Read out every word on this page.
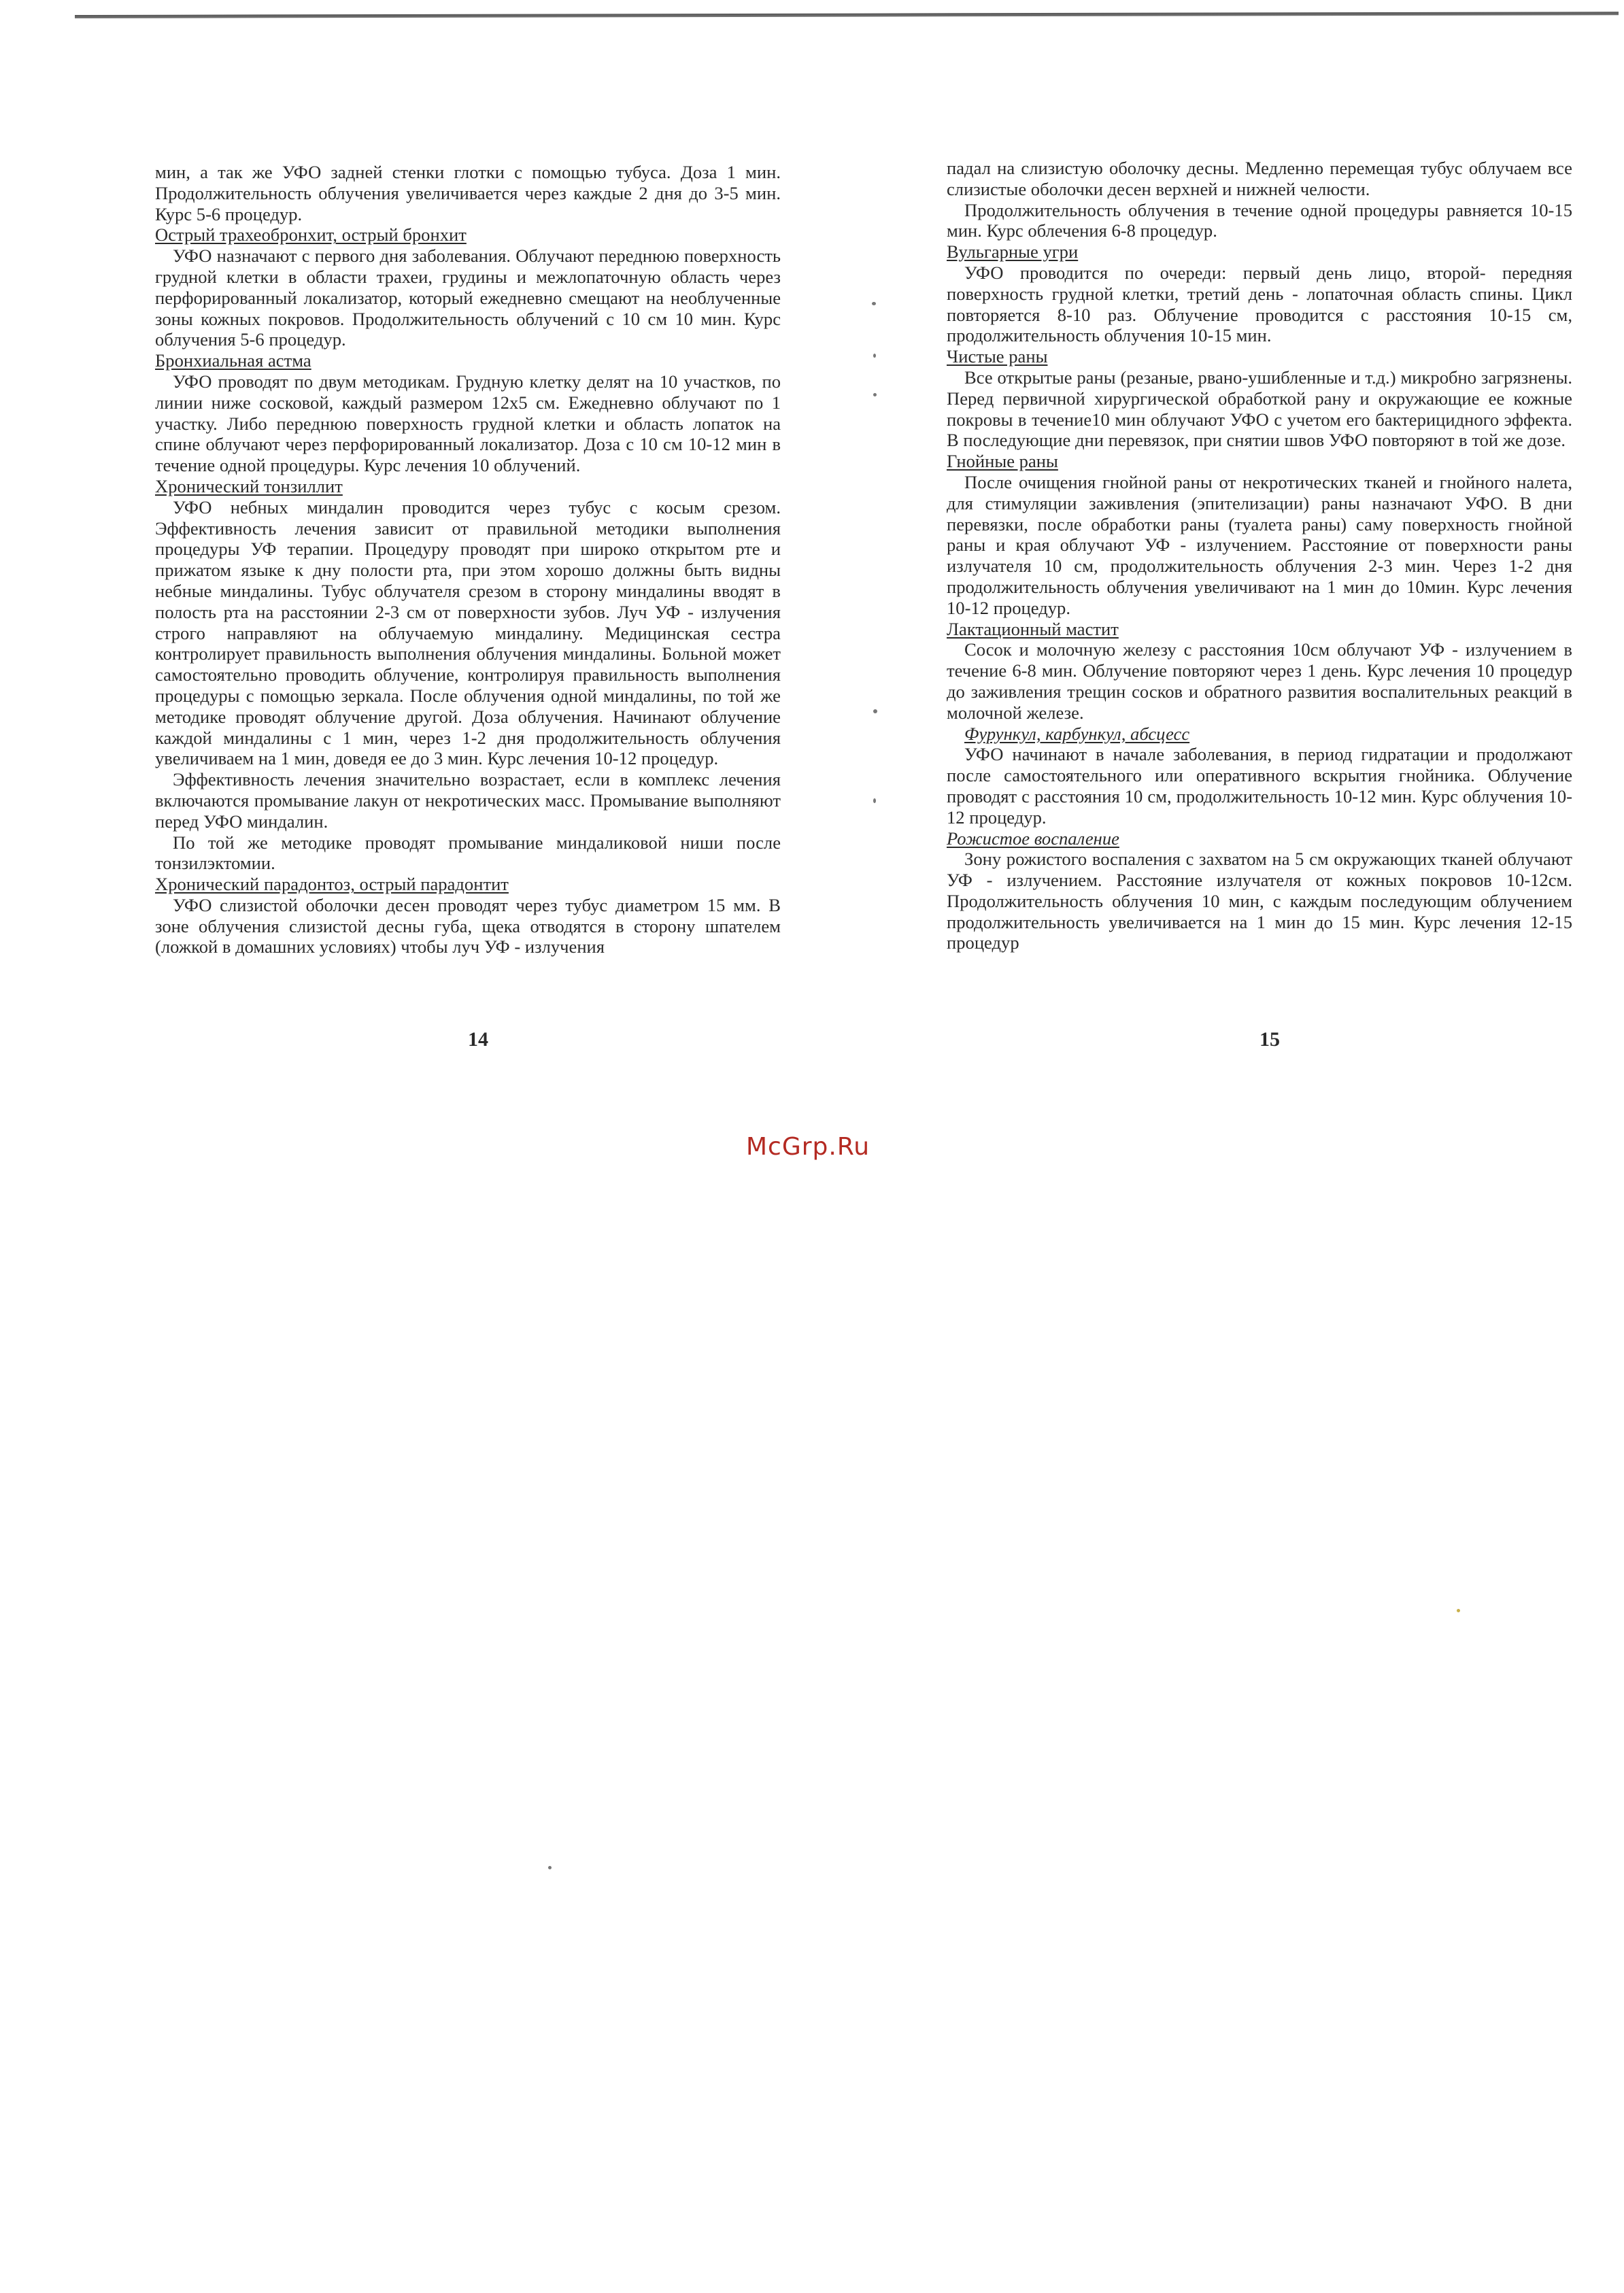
мин, а так же УФО задней стенки глотки с помощью тубуса. Доза 1 мин. Продолжительность облучения увеличивается через каждые 2 дня до 3-5 мин. Курс 5-6 процедур.

Острый трахеобронхит, острый бронхит

УФО назначают с первого дня заболевания. Облучают переднюю поверхность грудной клетки в области трахеи, грудины и межлопаточную область через перфорированный локализатор, который ежедневно смещают на необлученные зоны кожных покровов. Продолжительность облучений с 10 см 10 мин. Курс облучения 5-6 процедур.

Бронхиальная астма

УФО проводят по двум методикам. Грудную клетку делят на 10 участков, по линии ниже сосковой, каждый размером 12х5 см. Ежедневно облучают по 1 участку. Либо переднюю поверхность грудной клетки и область лопаток на спине облучают через перфорированный локализатор. Доза с 10 см 10-12 мин в течение одной процедуры. Курс лечения 10 облучений.

Хронический тонзиллит

УФО небных миндалин проводится через тубус с косым срезом. Эффективность лечения зависит от правильной методики выполнения процедуры УФ терапии. Процедуру проводят при широко открытом рте и прижатом языке к дну полости рта, при этом хорошо должны быть видны небные миндалины. Тубус облучателя срезом в сторону миндалины вводят в полость рта на расстоянии 2-3 см от поверхности зубов. Луч УФ - излучения строго направляют на облучаемую миндалину. Медицинская сестра контролирует правильность выполнения облучения миндалины. Больной может самостоятельно проводить облучение, контролируя правильность выполнения процедуры с помощью зеркала. После облучения одной миндалины, по той же методике проводят облучение другой. Доза облучения. Начинают облучение каждой миндалины с 1 мин, через 1-2 дня продолжительность облучения увеличиваем на 1 мин, доведя ее до 3 мин. Курс лечения 10-12 процедур.

Эффективность лечения значительно возрастает, если в комплекс лечения включаются промывание лакун от некротических масс. Промывание выполняют перед УФО миндалин.

По той же методике проводят промывание миндаликовой ниши после тонзилэктомии.

Хронический парадонтоз, острый парадонтит

УФО слизистой оболочки десен проводят через тубус диаметром 15 мм. В зоне облучения слизистой десны губа, щека отводятся в сторону шпателем (ложкой в домашних условиях) чтобы луч УФ - излучения

падал на слизистую оболочку десны. Медленно перемещая тубус облучаем все слизистые оболочки десен верхней и нижней челюсти.

Продолжительность облучения в течение одной процедуры равняется 10-15 мин. Курс облечения 6-8 процедур.

Вульгарные угри

УФО проводится по очереди: первый день лицо, второй- передняя поверхность грудной клетки, третий день - лопаточная область спины. Цикл повторяется 8-10 раз. Облучение проводится с расстояния 10-15 см, продолжительность облучения 10-15 мин.

Чистые раны

Все открытые раны (резаные, рвано-ушибленные и т.д.) микробно загрязнены. Перед первичной хирургической обработкой рану и окружающие ее кожные покровы в течение10 мин облучают УФО с учетом его бактерицидного эффекта. В последующие дни перевязок, при снятии швов УФО повторяют в той же дозе.

Гнойные раны

После очищения гнойной раны от некротических тканей и гнойного налета, для стимуляции заживления (эпителизации) раны назначают УФО. В дни перевязки, после обработки раны (туалета раны) саму поверхность гнойной раны и края облучают УФ - излучением. Расстояние от поверхности раны излучателя 10 см, продолжительность облучения 2-3 мин. Через 1-2 дня продолжительность облучения увеличивают на 1 мин до 10мин. Курс лечения 10-12 процедур.

Лактационный мастит

Сосок и молочную железу с расстояния 10см облучают УФ - излучением в течение 6-8 мин. Облучение повторяют через 1 день. Курс лечения 10 процедур до заживления трещин сосков и обратного развития воспалительных реакций в молочной железе.

Фурункул, карбункул, абсцесс

УФО начинают в начале заболевания, в период гидратации и продолжают после самостоятельного или оперативного вскрытия гнойника. Облучение проводят с расстояния 10 см, продолжительность 10-12 мин. Курс облучения 10-12 процедур.

Рожистое воспаление

Зону рожистого воспаления с захватом на 5 см окружающих тканей облучают УФ - излучением. Расстояние излучателя от кожных покровов 10-12см. Продолжительность облучения 10 мин, с каждым последующим облучением продолжительность увеличивается на 1 мин до 15 мин. Курс лечения 12-15 процедур

14	15
McGrp.Ru
